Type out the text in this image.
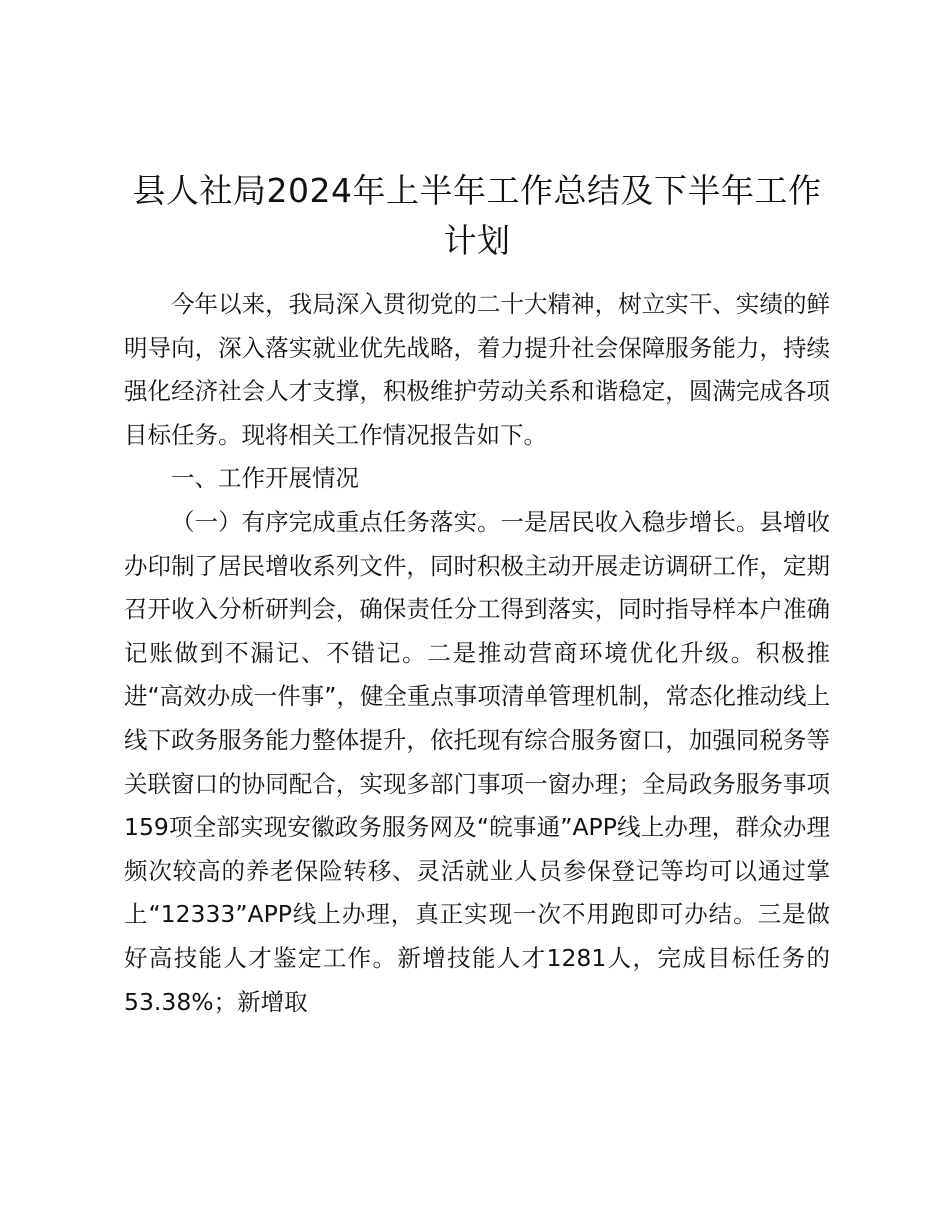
县人社局2024年上半年工作总结及下半年工作计划

今年以来，我局深入贯彻党的二十大精神，树立实干、实绩的鲜明导向，深入落实就业优先战略，着力提升社会保障服务能力，持续强化经济社会人才支撑，积极维护劳动关系和谐稳定，圆满完成各项目标任务。现将相关工作情况报告如下。

一、工作开展情况

（一）有序完成重点任务落实。一是居民收入稳步增长。县增收办印制了居民增收系列文件，同时积极主动开展走访调研工作，定期召开收入分析研判会，确保责任分工得到落实，同时指导样本户准确记账做到不漏记、不错记。二是推动营商环境优化升级。积极推进“高效办成一件事”，健全重点事项清单管理机制，常态化推动线上线下政务服务能力整体提升，依托现有综合服务窗口，加强同税务等关联窗口的协同配合，实现多部门事项一窗办理；全局政务服务事项159项全部实现安徽政务服务网及“皖事通”APP线上办理，群众办理频次较高的养老保险转移、灵活就业人员参保登记等均可以通过掌上“12333”APP线上办理，真正实现一次不用跑即可办结。三是做好高技能人才鉴定工作。新增技能人才1281人，完成目标任务的53.38%；新增取
